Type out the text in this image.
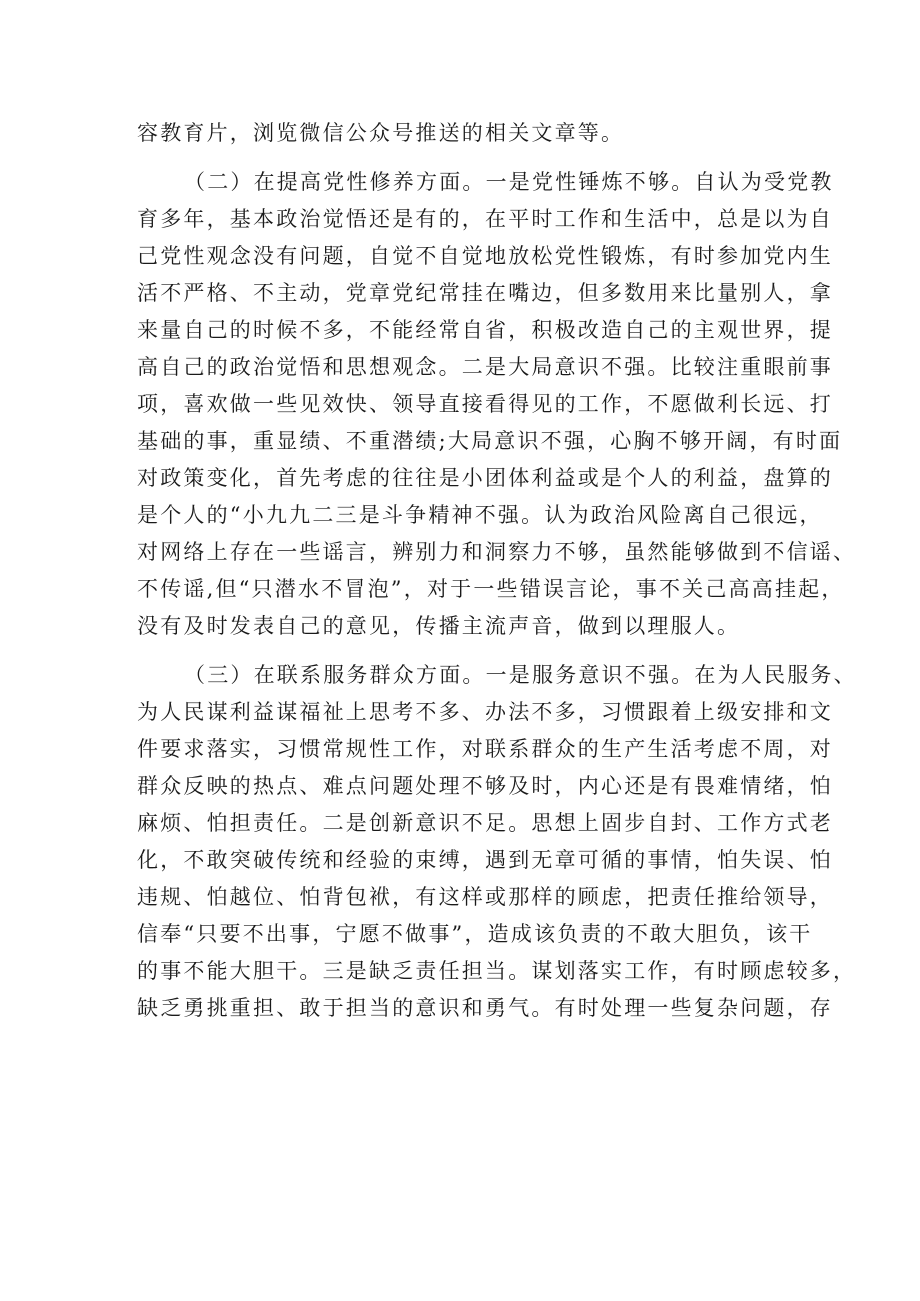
容教育片，浏览微信公众号推送的相关文章等。
（二）在提高党性修养方面。一是党性锤炼不够。自认为受党教
育多年，基本政治觉悟还是有的，在平时工作和生活中，总是以为自
己党性观念没有问题，自觉不自觉地放松党性锻炼，有时参加党内生
活不严格、不主动，党章党纪常挂在嘴边，但多数用来比量别人，拿
来量自己的时候不多，不能经常自省，积极改造自己的主观世界，提
高自己的政治觉悟和思想观念。二是大局意识不强。比较注重眼前事
项，喜欢做一些见效快、领导直接看得见的工作，不愿做利长远、打
基础的事，重显绩、不重潜绩;大局意识不强，心胸不够开阔，有时面
对政策变化，首先考虑的往往是小团体利益或是个人的利益，盘算的
是个人的“小九九二三是斗争精神不强。认为政治风险离自己很远，
对网络上存在一些谣言，辨别力和洞察力不够，虽然能够做到不信谣、
不传谣,但“只潜水不冒泡”，对于一些错误言论，事不关己高高挂起，
没有及时发表自己的意见，传播主流声音，做到以理服人。
（三）在联系服务群众方面。一是服务意识不强。在为人民服务、
为人民谋利益谋福祉上思考不多、办法不多，习惯跟着上级安排和文
件要求落实，习惯常规性工作，对联系群众的生产生活考虑不周，对
群众反映的热点、难点问题处理不够及时，内心还是有畏难情绪，怕
麻烦、怕担责任。二是创新意识不足。思想上固步自封、工作方式老
化，不敢突破传统和经验的束缚，遇到无章可循的事情，怕失误、怕
违规、怕越位、怕背包袱，有这样或那样的顾虑，把责任推给领导，
信奉“只要不出事，宁愿不做事”，造成该负责的不敢大胆负，该干
的事不能大胆干。三是缺乏责任担当。谋划落实工作，有时顾虑较多，
缺乏勇挑重担、敢于担当的意识和勇气。有时处理一些复杂问题，存
